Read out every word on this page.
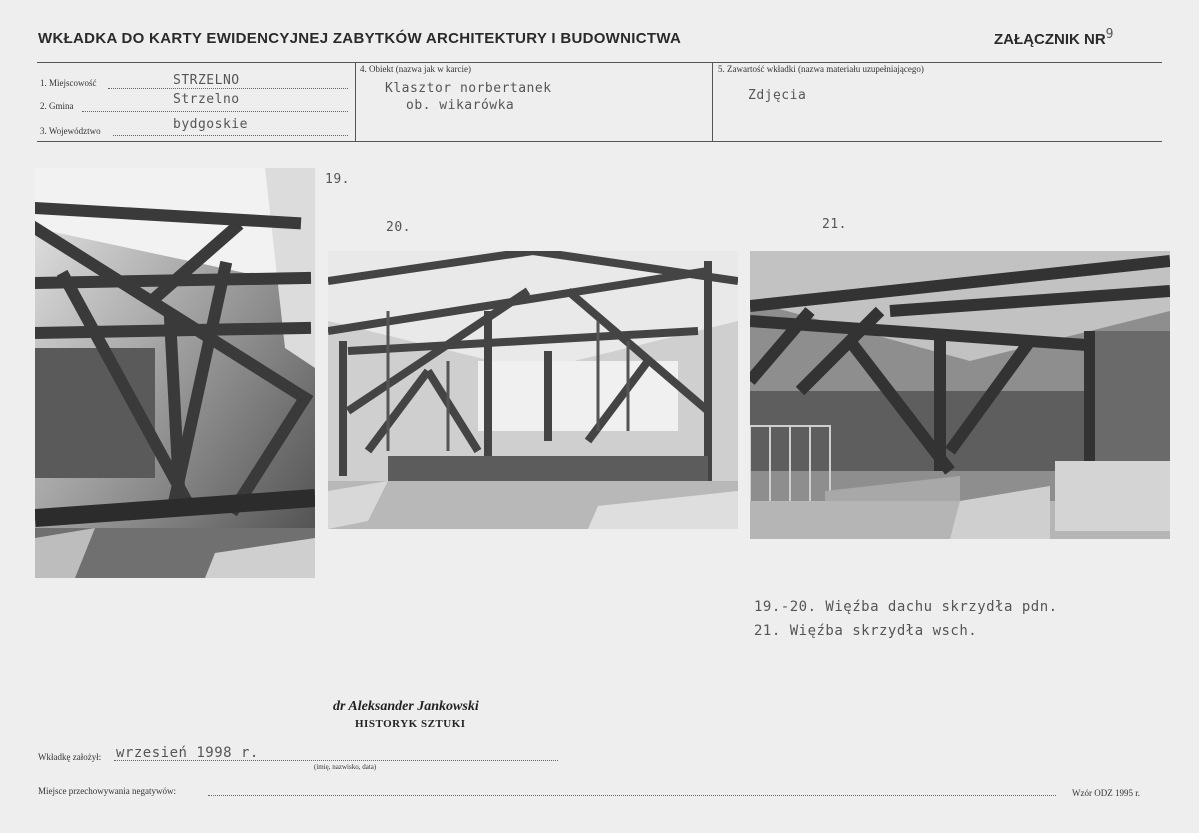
WKŁADKA DO KARTY EWIDENCYJNEJ ZABYTKÓW ARCHITEKTURY I BUDOWNICTWA	ZAŁĄCZNIK NR9
1. Miejscowość	STRZELNO
2. Gmina	Strzelno
3. Województwo	bydgoskie
4. Obiekt (nazwa jak w karcie)
Klasztor norbertanek
ob. wikarówka
5. Zawartość wkładki (nazwa materiału uzupełniającego)
Zdjęcia
19.
20.	21.
19.-20. Więźba dachu skrzydła pdn.
21. Więźba skrzydła wsch.
dr Aleksander Jankowski
HISTORYK SZTUKI
Wkładkę założył: wrzesień 1998 r.
(imię, nazwisko, data)
Miejsce przechowywania negatywów:	Wzór ODZ 1995 r.
